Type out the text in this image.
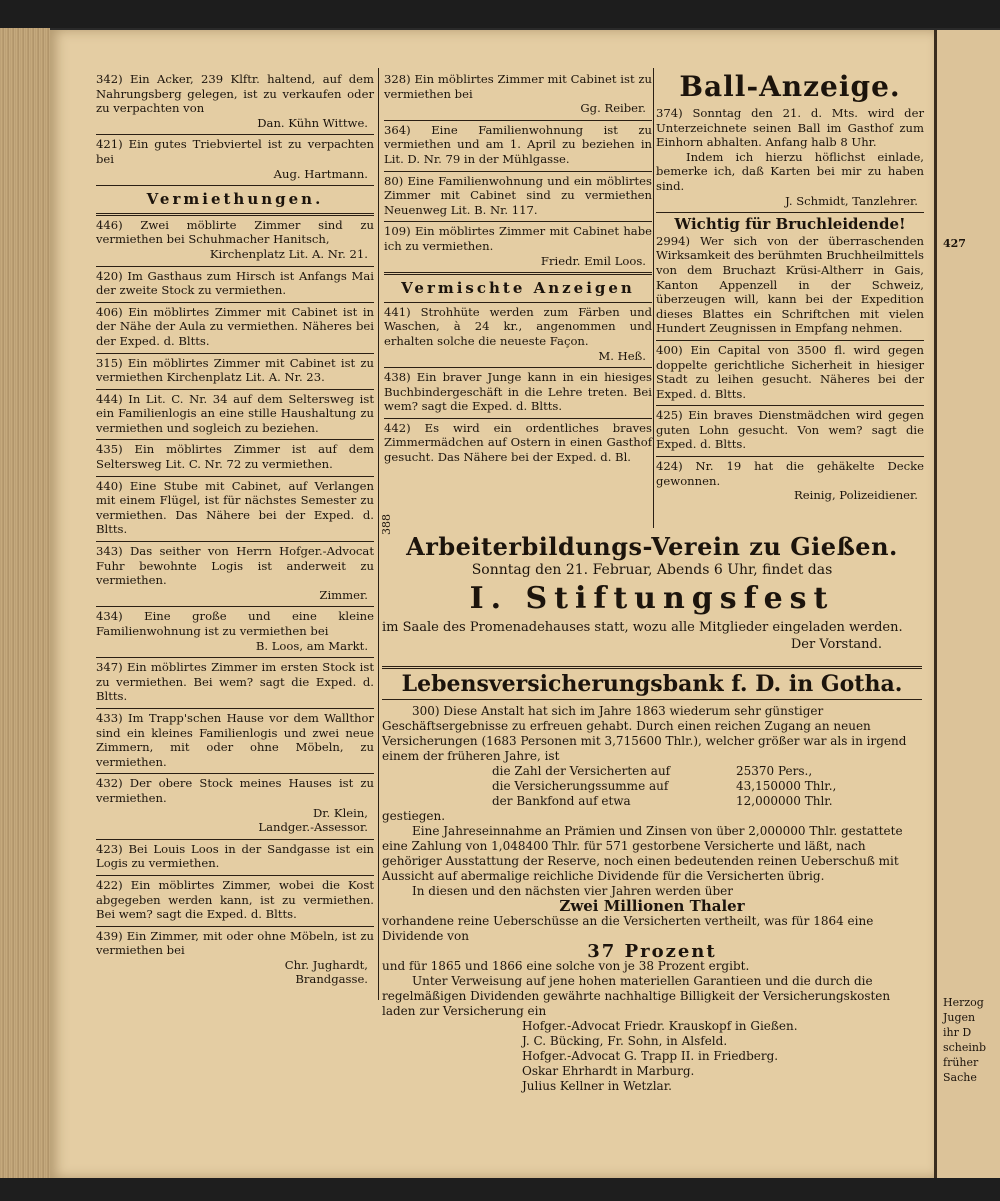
427
Herzog
Jugen
ihr D
scheinb
früher
Sache
388
342) Ein Acker, 239 Klftr. haltend, auf dem Nahrungsberg gelegen, ist zu verkaufen oder zu verpachten von
Dan. Kühn Wittwe.
421) Ein gutes Triebviertel ist zu verpachten bei
Aug. Hartmann.
Vermiethungen.
446) Zwei möblirte Zimmer sind zu vermiethen bei Schuhmacher Hanitsch,
Kirchenplatz Lit. A. Nr. 21.
420) Im Gasthaus zum Hirsch ist Anfangs Mai der zweite Stock zu vermiethen.
406) Ein möblirtes Zimmer mit Cabinet ist in der Nähe der Aula zu vermiethen. Näheres bei der Exped. d. Bltts.
315) Ein möblirtes Zimmer mit Cabinet ist zu vermiethen Kirchenplatz Lit. A. Nr. 23.
444) In Lit. C. Nr. 34 auf dem Seltersweg ist ein Familienlogis an eine stille Haushaltung zu vermiethen und sogleich zu beziehen.
435) Ein möblirtes Zimmer ist auf dem Seltersweg Lit. C. Nr. 72 zu vermiethen.
440) Eine Stube mit Cabinet, auf Verlangen mit einem Flügel, ist für nächstes Semester zu vermiethen. Das Nähere bei der Exped. d. Bltts.
343) Das seither von Herrn Hofger.-Advocat Fuhr bewohnte Logis ist anderweit zu vermiethen.
Zimmer.
434) Eine große und eine kleine Familienwohnung ist zu vermiethen bei
B. Loos, am Markt.
347) Ein möblirtes Zimmer im ersten Stock ist zu vermiethen. Bei wem? sagt die Exped. d. Bltts.
433) Im Trapp'schen Hause vor dem Wallthor sind ein kleines Familienlogis und zwei neue Zimmern, mit oder ohne Möbeln, zu vermiethen.
432) Der obere Stock meines Hauses ist zu vermiethen.
Dr. Klein,
Landger.-Assessor.
423) Bei Louis Loos in der Sandgasse ist ein Logis zu vermiethen.
422) Ein möblirtes Zimmer, wobei die Kost abgegeben werden kann, ist zu vermiethen. Bei wem? sagt die Exped. d. Bltts.
439) Ein Zimmer, mit oder ohne Möbeln, ist zu vermiethen bei
Chr. Jughardt,
Brandgasse.
328) Ein möblirtes Zimmer mit Cabinet ist zu vermiethen bei
Gg. Reiber.
364) Eine Familienwohnung ist zu vermiethen und am 1. April zu beziehen in Lit. D. Nr. 79 in der Mühlgasse.
80) Eine Familienwohnung und ein möblirtes Zimmer mit Cabinet sind zu vermiethen Neuenweg Lit. B. Nr. 117.
109) Ein möblirtes Zimmer mit Cabinet habe ich zu vermiethen.
Friedr. Emil Loos.
Vermischte Anzeigen
441) Strohhüte werden zum Färben und Waschen, à 24 kr., angenommen und erhalten solche die neueste Façon.
M. Heß.
438) Ein braver Junge kann in ein hiesiges Buchbindergeschäft in die Lehre treten. Bei wem? sagt die Exped. d. Bltts.
442) Es wird ein ordentliches braves Zimmermädchen auf Ostern in einen Gasthof gesucht. Das Nähere bei der Exped. d. Bl.
Ball-Anzeige.
374) Sonntag den 21. d. Mts. wird der Unterzeichnete seinen Ball im Gasthof zum Einhorn abhalten. Anfang halb 8 Uhr.
Indem ich hierzu höflichst einlade, bemerke ich, daß Karten bei mir zu haben sind.
J. Schmidt, Tanzlehrer.
Wichtig für Bruchleidende!
2994) Wer sich von der überraschenden Wirksamkeit des berühmten Bruchheilmittels von dem Bruchazt Krüsi-Altherr in Gais, Kanton Appenzell in der Schweiz, überzeugen will, kann bei der Expedition dieses Blattes ein Schriftchen mit vielen Hundert Zeugnissen in Empfang nehmen.
400) Ein Capital von 3500 fl. wird gegen doppelte gerichtliche Sicherheit in hiesiger Stadt zu leihen gesucht. Näheres bei der Exped. d. Bltts.
425) Ein braves Dienstmädchen wird gegen guten Lohn gesucht. Von wem? sagt die Exped. d. Bltts.
424) Nr. 19 hat die gehäkelte Decke gewonnen.
Reinig, Polizeidiener.
Arbeiterbildungs-Verein zu Gießen.
Sonntag den 21. Februar, Abends 6 Uhr, findet das
I. Stiftungsfest
im Saale des Promenadehauses statt, wozu alle Mitglieder eingeladen werden.
Der Vorstand.
Lebensversicherungsbank f. D. in Gotha.
300) Diese Anstalt hat sich im Jahre 1863 wiederum sehr günstiger Geschäftsergebnisse zu erfreuen gehabt. Durch einen reichen Zugang an neuen Versicherungen (1683 Personen mit 3,715600 Thlr.), welcher größer war als in irgend einem der früheren Jahre, ist
die Zahl der Versicherten auf	25370 Pers.,
die Versicherungssumme auf	43,150000 Thlr.,
der Bankfond auf etwa	12,000000 Thlr.
gestiegen.
Eine Jahreseinnahme an Prämien und Zinsen von über 2,000000 Thlr. gestattete eine Zahlung von 1,048400 Thlr. für 571 gestorbene Versicherte und läßt, nach gehöriger Ausstattung der Reserve, noch einen bedeutenden reinen Ueberschuß mit Aussicht auf abermalige reichliche Dividende für die Versicherten übrig.
In diesen und den nächsten vier Jahren werden über
Zwei Millionen Thaler
vorhandene reine Ueberschüsse an die Versicherten vertheilt, was für 1864 eine Dividende von
37 Prozent
und für 1865 und 1866 eine solche von je 38 Prozent ergibt.
Unter Verweisung auf jene hohen materiellen Garantieen und die durch die regelmäßigen Dividenden gewährte nachhaltige Billigkeit der Versicherungskosten laden zur Versicherung ein
Hofger.-Advocat Friedr. Krauskopf in Gießen.
J. C. Bücking, Fr. Sohn, in Alsfeld.
Hofger.-Advocat G. Trapp II. in Friedberg.
Oskar Ehrhardt in Marburg.
Julius Kellner in Wetzlar.
